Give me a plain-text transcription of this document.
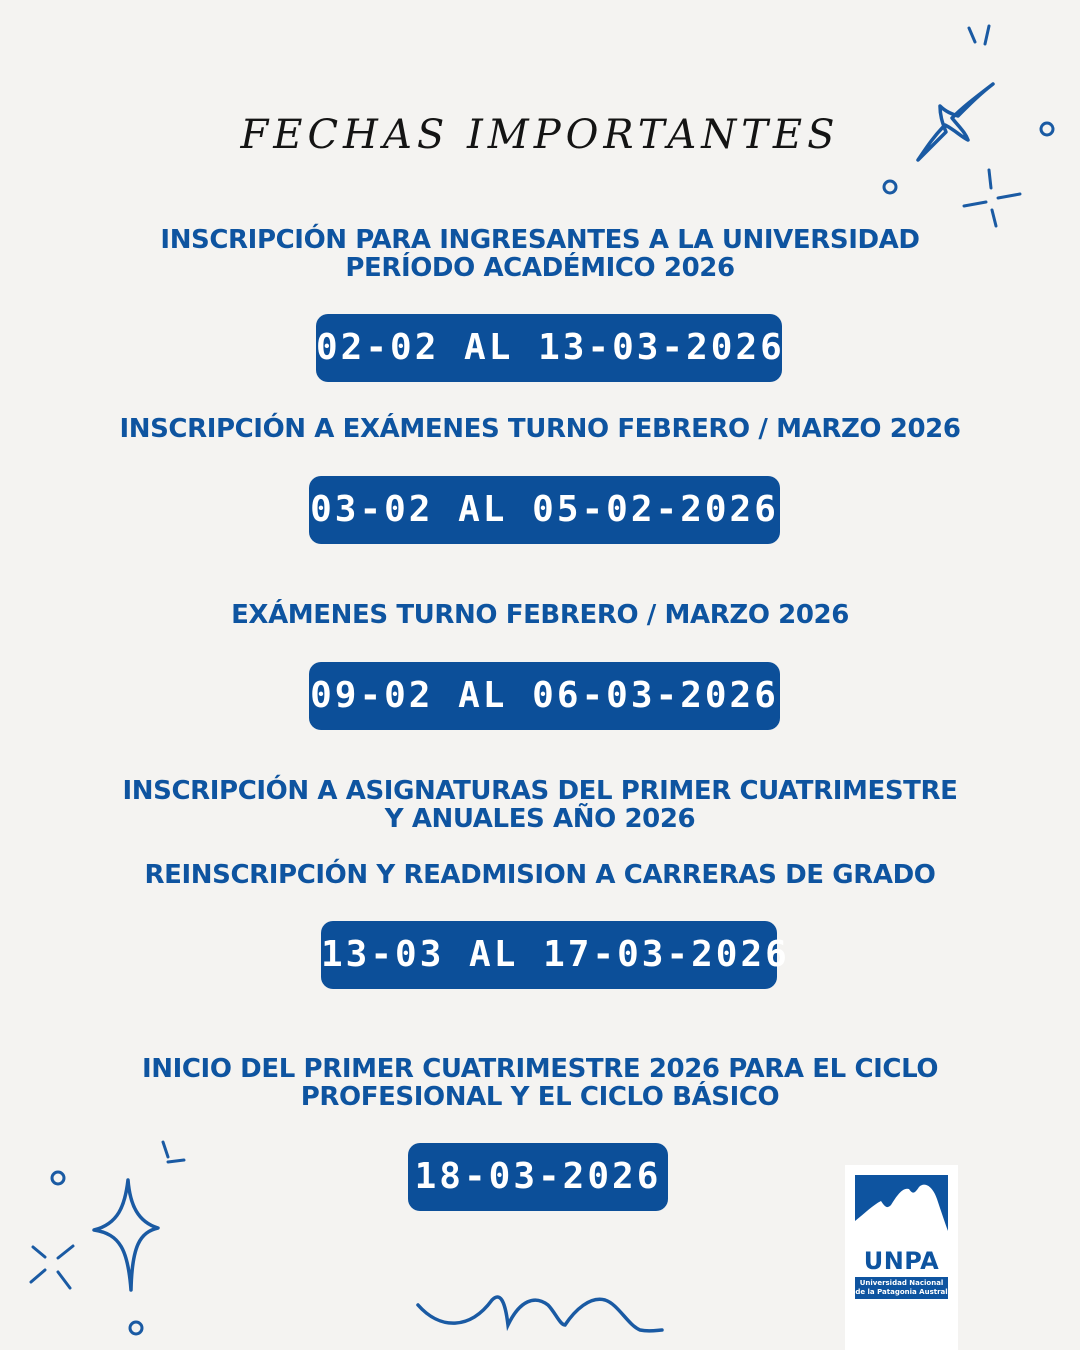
FECHAS IMPORTANTES
INSCRIPCIÓN PARA INGRESANTES A LA UNIVERSIDAD
PERÍODO ACADÉMICO 2026
02-02 AL 13-03-2026
INSCRIPCIÓN A EXÁMENES TURNO FEBRERO / MARZO 2026
03-02 AL 05-02-2026
EXÁMENES TURNO FEBRERO / MARZO 2026
09-02 AL 06-03-2026
INSCRIPCIÓN A ASIGNATURAS DEL PRIMER CUATRIMESTRE
Y ANUALES AÑO 2026
REINSCRIPCIÓN Y READMISION A CARRERAS DE GRADO
13-03 AL 17-03-2026
INICIO DEL PRIMER CUATRIMESTRE 2026 PARA EL CICLO
PROFESIONAL Y EL CICLO BÁSICO
18-03-2026
UNPA
Universidad Nacional
de la Patagonia Austral
